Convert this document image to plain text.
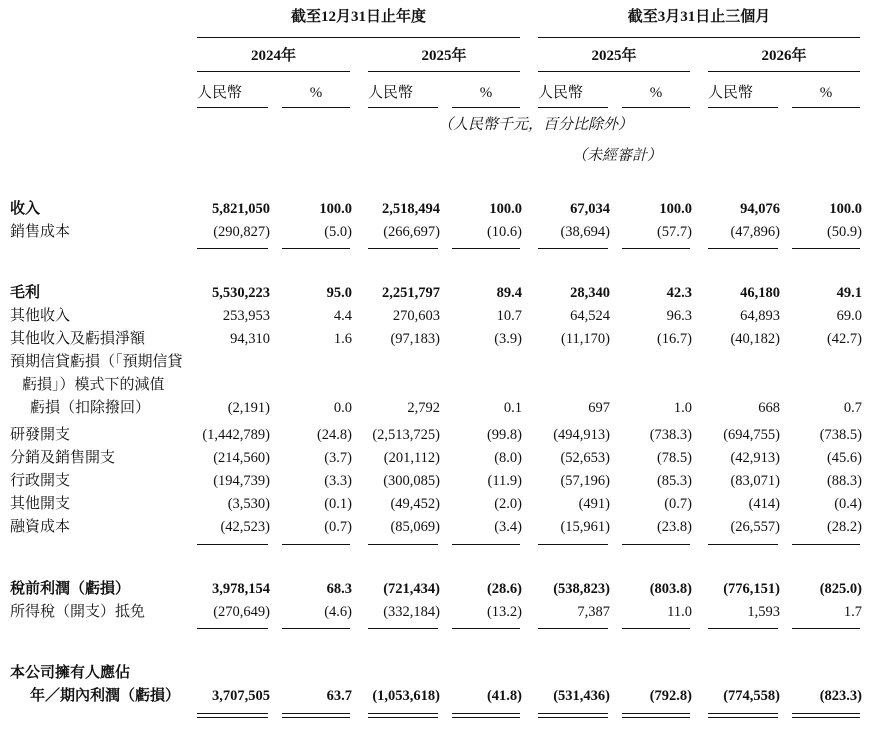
截至12月31日止年度	截至3月31日止三個月
2024年	2025年	2025年	2026年
人民幣	%	人民幣	%	人民幣	%	人民幣	%
（人民幣千元，百分比除外）
（未經審計）
收入	5,821,050	100.0	2,518,494	100.0	67,034	100.0	94,076	100.0
銷售成本	(290,827)	(5.0)	(266,697)	(10.6)	(38,694)	(57.7)	(47,896)	(50.9)
毛利	5,530,223	95.0	2,251,797	89.4	28,340	42.3	46,180	49.1
其他收入	253,953	4.4	270,603	10.7	64,524	96.3	64,893	69.0
其他收入及虧損淨額	94,310	1.6	(97,183)	(3.9)	(11,170)	(16.7)	(40,182)	(42.7)
預期信貸虧損（「預期信貸
虧損」）模式下的減值
虧損（扣除撥回）	(2,191)	0.0	2,792	0.1	697	1.0	668	0.7
研發開支	(1,442,789)	(24.8)	(2,513,725)	(99.8)	(494,913)	(738.3)	(694,755)	(738.5)
分銷及銷售開支	(214,560)	(3.7)	(201,112)	(8.0)	(52,653)	(78.5)	(42,913)	(45.6)
行政開支	(194,739)	(3.3)	(300,085)	(11.9)	(57,196)	(85.3)	(83,071)	(88.3)
其他開支	(3,530)	(0.1)	(49,452)	(2.0)	(491)	(0.7)	(414)	(0.4)
融資成本	(42,523)	(0.7)	(85,069)	(3.4)	(15,961)	(23.8)	(26,557)	(28.2)
稅前利潤（虧損）	3,978,154	68.3	(721,434)	(28.6)	(538,823)	(803.8)	(776,151)	(825.0)
所得稅（開支）抵免	(270,649)	(4.6)	(332,184)	(13.2)	7,387	11.0	1,593	1.7
本公司擁有人應佔
年／期內利潤（虧損）	3,707,505	63.7	(1,053,618)	(41.8)	(531,436)	(792.8)	(774,558)	(823.3)
